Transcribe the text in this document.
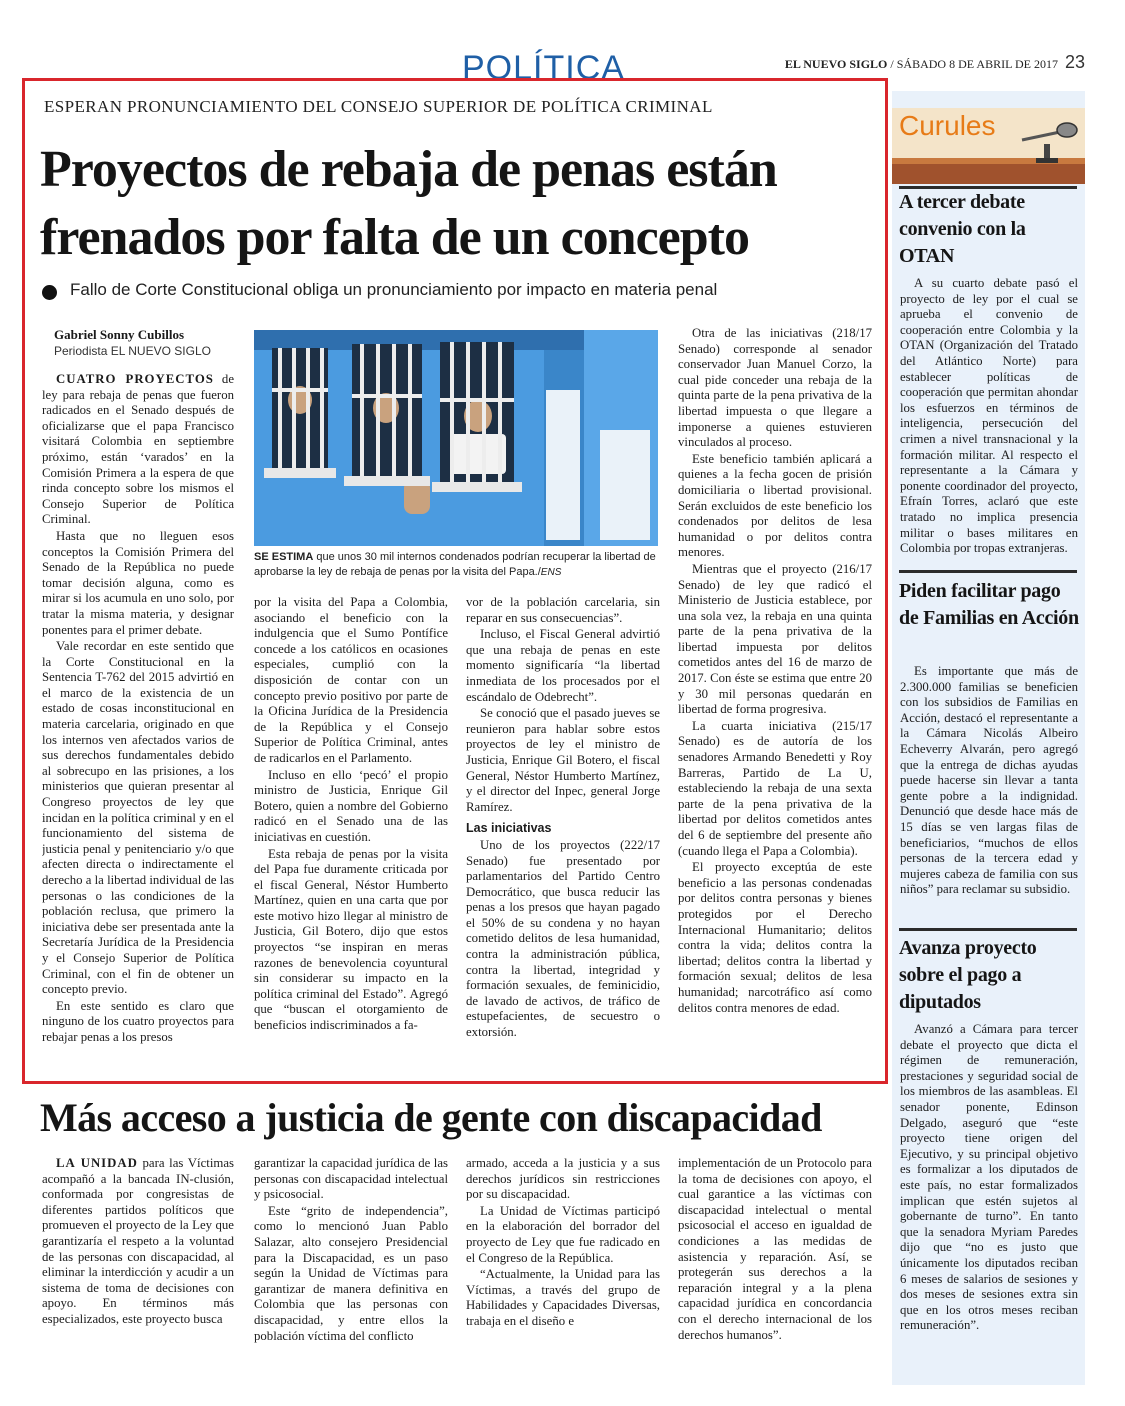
POLÍTICA	EL NUEVO SIGLO / SÁBADO 8 DE ABRIL DE 2017 23
ESPERAN PRONUNCIAMIENTO DEL CONSEJO SUPERIOR DE POLÍTICA CRIMINAL
Proyectos de rebaja de penas están frenados por falta de un concepto
Fallo de Corte Constitucional obliga un pronunciamiento por impacto en materia penal
Gabriel Sonny Cubillos
Periodista EL NUEVO SIGLO

CUATRO PROYECTOS de ley para rebaja de penas que fueron radicados en el Senado después de oficializarse que el papa Francisco visitará Colombia en septiembre próximo, están ‘varados’ en la Comisión Primera a la espera de que rinda concepto sobre los mismos el Consejo Superior de Política Criminal.

Hasta que no lleguen esos conceptos la Comisión Primera del Senado de la República no puede tomar decisión alguna, como es mirar si los acumula en uno solo, por tratar la misma materia, y designar ponentes para el primer debate.

Vale recordar en este sentido que la Corte Constitucional en la Sentencia T-762 del 2015 advirtió en el marco de la existencia de un estado de cosas inconstitucional en materia carcelaria, originado en que los internos ven afectados varios de sus derechos fundamentales debido al sobrecupo en las prisiones, a los ministerios que quieran presentar al Congreso proyectos de ley que incidan en la política criminal y en el funcionamiento del sistema de justicia penal y penitenciario y/o que afecten directa o indirectamente el derecho a la libertad individual de las personas o las condiciones de la población reclusa, que primero la iniciativa debe ser presentada ante la Secretaría Jurídica de la Presidencia y el Consejo Superior de Política Criminal, con el fin de obtener un concepto previo.

En este sentido es claro que ninguno de los cuatro proyectos para rebajar penas a los presos

SE ESTIMA que unos 30 mil internos condenados podrían recuperar la libertad de aprobarse la ley de rebaja de penas por la visita del Papa./ENS

por la visita del Papa a Colombia, asociando el beneficio con la indulgencia que el Sumo Pontífice concede a los católicos en ocasiones especiales, cumplió con la disposición de contar con un concepto previo positivo por parte de la Oficina Jurídica de la Presidencia de la República y el Consejo Superior de Política Criminal, antes de radicarlos en el Parlamento.

Incluso en ello ‘pecó’ el propio ministro de Justicia, Enrique Gil Botero, quien a nombre del Gobierno radicó en el Senado una de las iniciativas en cuestión.

Esta rebaja de penas por la visita del Papa fue duramente criticada por el fiscal General, Néstor Humberto Martínez, quien en una carta que por este motivo hizo llegar al ministro de Justicia, Gil Botero, dijo que estos proyectos “se inspiran en meras razones de benevolencia coyuntural sin considerar su impacto en la política criminal del Estado”. Agregó que “buscan el otorgamiento de beneficios indiscriminados a fa-

vor de la población carcelaria, sin reparar en sus consecuencias”.

Incluso, el Fiscal General advirtió que una rebaja de penas en este momento significaría “la libertad inmediata de los procesados por el escándalo de Odebrecht”.

Se conoció que el pasado jueves se reunieron para hablar sobre estos proyectos de ley el ministro de Justicia, Enrique Gil Botero, el fiscal General, Néstor Humberto Martínez, y el director del Inpec, general Jorge Ramírez.

Las iniciativas

Uno de los proyectos (222/17 Senado) fue presentado por parlamentarios del Partido Centro Democrático, que busca reducir las penas a los presos que hayan pagado el 50% de su condena y no hayan cometido delitos de lesa humanidad, contra la administración pública, contra la libertad, integridad y formación sexuales, de feminicidio, de lavado de activos, de tráfico de estupefacientes, de secuestro o extorsión.

Otra de las iniciativas (218/17 Senado) corresponde al senador conservador Juan Manuel Corzo, la cual pide conceder una rebaja de la quinta parte de la pena privativa de la libertad impuesta o que llegare a imponerse a quienes estuvieren vinculados al proceso.

Este beneficio también aplicará a quienes a la fecha gocen de prisión domiciliaria o libertad provisional. Serán excluidos de este beneficio los condenados por delitos de lesa humanidad o por delitos contra menores.

Mientras que el proyecto (216/17 Senado) de ley que radicó el Ministerio de Justicia establece, por una sola vez, la rebaja en una quinta parte de la pena privativa de la libertad impuesta por delitos cometidos antes del 16 de marzo de 2017. Con éste se estima que entre 20 y 30 mil personas quedarán en libertad de forma progresiva.

La cuarta iniciativa (215/17 Senado) es de autoría de los senadores Armando Benedetti y Roy Barreras, Partido de La U, estableciendo la rebaja de una sexta parte de la pena privativa de la libertad por delitos cometidos antes del 6 de septiembre del presente año (cuando llega el Papa a Colombia).

El proyecto exceptúa de este beneficio a las personas condenadas por delitos contra personas y bienes protegidos por el Derecho Internacional Humanitario; delitos contra la vida; delitos contra la libertad; delitos contra la libertad y formación sexual; delitos de lesa humanidad; narcotráfico así como delitos contra menores de edad.

Curules
A tercer debate convenio con la OTAN

A su cuarto debate pasó el proyecto de ley por el cual se aprueba el convenio de cooperación entre Colombia y la OTAN (Organización del Tratado del Atlántico Norte) para establecer políticas de cooperación que permitan ahondar los esfuerzos en términos de inteligencia, persecución del crimen a nivel transnacional y la formación militar. Al respecto el representante a la Cámara y ponente coordinador del proyecto, Efraín Torres, aclaró que este tratado no implica presencia militar o bases militares en Colombia por tropas extranjeras.

Piden facilitar pago de Familias en Acción

Es importante que más de 2.300.000 familias se beneficien con los subsidios de Familias en Acción, destacó el representante a la Cámara Nicolás Albeiro Echeverry Alvarán, pero agregó que la entrega de dichas ayudas puede hacerse sin llevar a tanta gente pobre a la indignidad. Denunció que desde hace más de 15 días se ven largas filas de beneficiarios, “muchos de ellos personas de la tercera edad y mujeres cabeza de familia con sus niños” para reclamar su subsidio.

Avanza proyecto sobre el pago a diputados

Avanzó a Cámara para tercer debate el proyecto que dicta el régimen de remuneración, prestaciones y seguridad social de los miembros de las asambleas. El senador ponente, Edinson Delgado, aseguró que “este proyecto tiene origen del Ejecutivo, y su principal objetivo es formalizar a los diputados de este país, no estar formalizados implican que estén sujetos al gobernante de turno”. En tanto que la senadora Myriam Paredes dijo que “no es justo que únicamente los diputados reciban 6 meses de salarios de sesiones y dos meses de sesiones extra sin que en los otros meses reciban remuneración”.

Más acceso a justicia de gente con discapacidad

LA UNIDAD para las Víctimas acompañó a la bancada IN-clusión, conformada por congresistas de diferentes partidos políticos que promueven el proyecto de la Ley que garantizaría el respeto a la voluntad de las personas con discapacidad, al eliminar la interdicción y acudir a un sistema de toma de decisiones con apoyo. En términos más especializados, este proyecto busca

garantizar la capacidad jurídica de las personas con discapacidad intelectual y psicosocial.

Este “grito de independencia”, como lo mencionó Juan Pablo Salazar, alto consejero Presidencial para la Discapacidad, es un paso según la Unidad de Víctimas para garantizar de manera definitiva en Colombia que las personas con discapacidad, y entre ellos la población víctima del conflicto

armado, acceda a la justicia y a sus derechos jurídicos sin restricciones por su discapacidad.

La Unidad de Víctimas participó en la elaboración del borrador del proyecto de Ley que fue radicado en el Congreso de la República.

“Actualmente, la Unidad para las Víctimas, a través del grupo de Habilidades y Capacidades Diversas, trabaja en el diseño e

implementación de un Protocolo para la toma de decisiones con apoyo, el cual garantice a las víctimas con discapacidad intelectual o mental psicosocial el acceso en igualdad de condiciones a las medidas de asistencia y reparación. Así, se protegerán sus derechos a la reparación integral y a la plena capacidad jurídica en concordancia con el derecho internacional de los derechos humanos”.
